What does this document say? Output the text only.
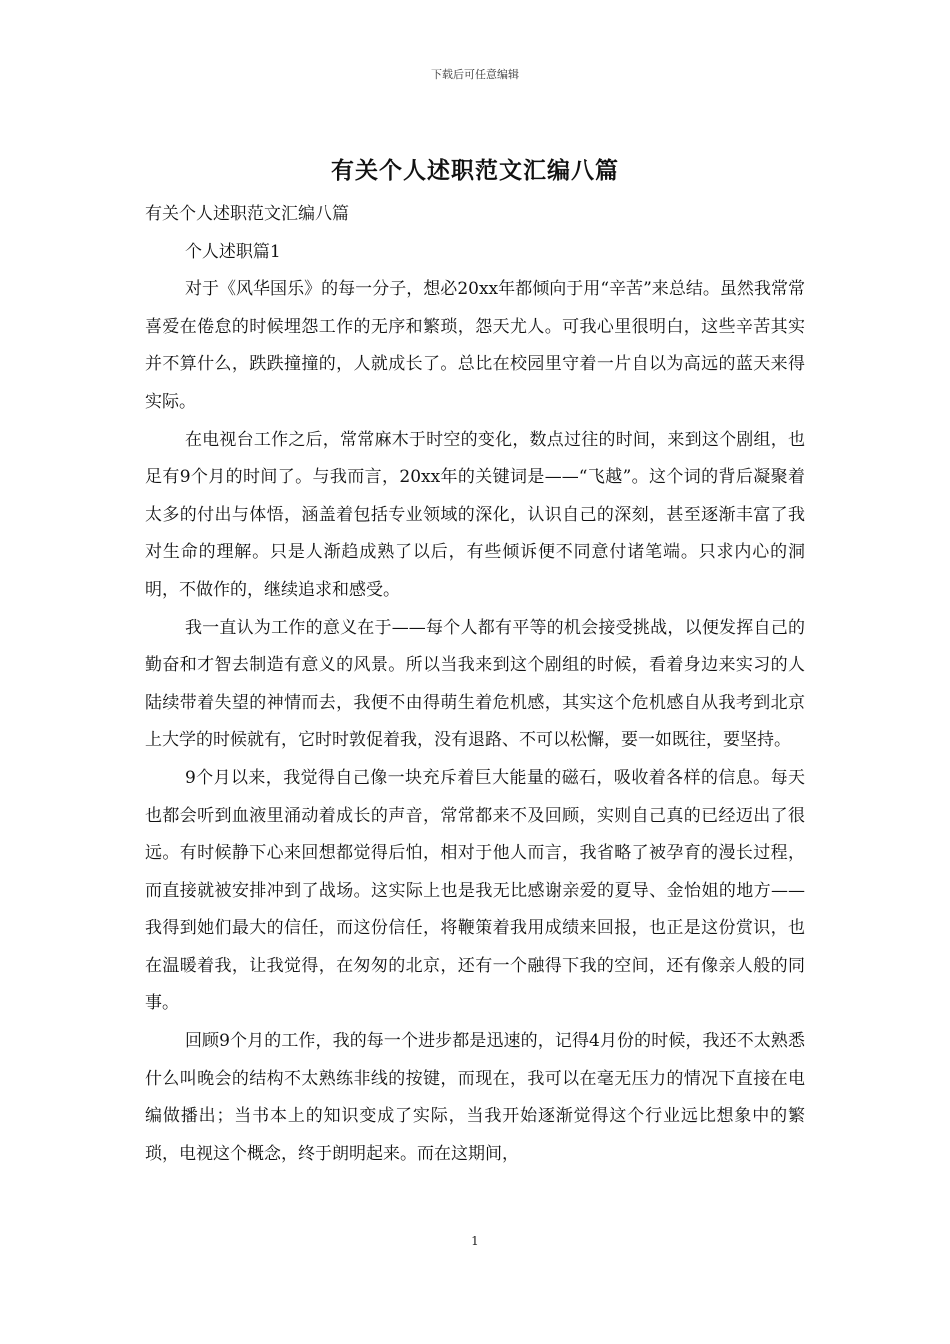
下载后可任意编辑
有关个人述职范文汇编八篇

有关个人述职范文汇编八篇

个人述职篇1

对于《风华国乐》的每一分子，想必20xx年都倾向于用“辛苦”来总结。虽然我常常喜爱在倦怠的时候埋怨工作的无序和繁琐，怨天尤人。可我心里很明白，这些辛苦其实并不算什么，跌跌撞撞的，人就成长了。总比在校园里守着一片自以为高远的蓝天来得实际。

在电视台工作之后，常常麻木于时空的变化，数点过往的时间，来到这个剧组，也足有9个月的时间了。与我而言，20xx年的关键词是——“飞越”。这个词的背后凝聚着太多的付出与体悟，涵盖着包括专业领域的深化，认识自己的深刻，甚至逐渐丰富了我对生命的理解。只是人渐趋成熟了以后，有些倾诉便不同意付诸笔端。只求内心的洞明，不做作的，继续追求和感受。

我一直认为工作的意义在于——每个人都有平等的机会接受挑战，以便发挥自己的勤奋和才智去制造有意义的风景。所以当我来到这个剧组的时候，看着身边来实习的人陆续带着失望的神情而去，我便不由得萌生着危机感，其实这个危机感自从我考到北京上大学的时候就有，它时时敦促着我，没有退路、不可以松懈，要一如既往，要坚持。

9个月以来，我觉得自己像一块充斥着巨大能量的磁石，吸收着各样的信息。每天也都会听到血液里涌动着成长的声音，常常都来不及回顾，实则自己真的已经迈出了很远。有时候静下心来回想都觉得后怕，相对于他人而言，我省略了被孕育的漫长过程，而直接就被安排冲到了战场。这实际上也是我无比感谢亲爱的夏导、金怡姐的地方——我得到她们最大的信任，而这份信任，将鞭策着我用成绩来回报，也正是这份赏识，也在温暖着我，让我觉得，在匆匆的北京，还有一个融得下我的空间，还有像亲人般的同事。

回顾9个月的工作，我的每一个进步都是迅速的，记得4月份的时候，我还不太熟悉什么叫晚会的结构不太熟练非线的按键，而现在，我可以在毫无压力的情况下直接在电编做播出；当书本上的知识变成了实际，当我开始逐渐觉得这个行业远比想象中的繁琐，电视这个概念，终于朗明起来。而在这期间，

1
